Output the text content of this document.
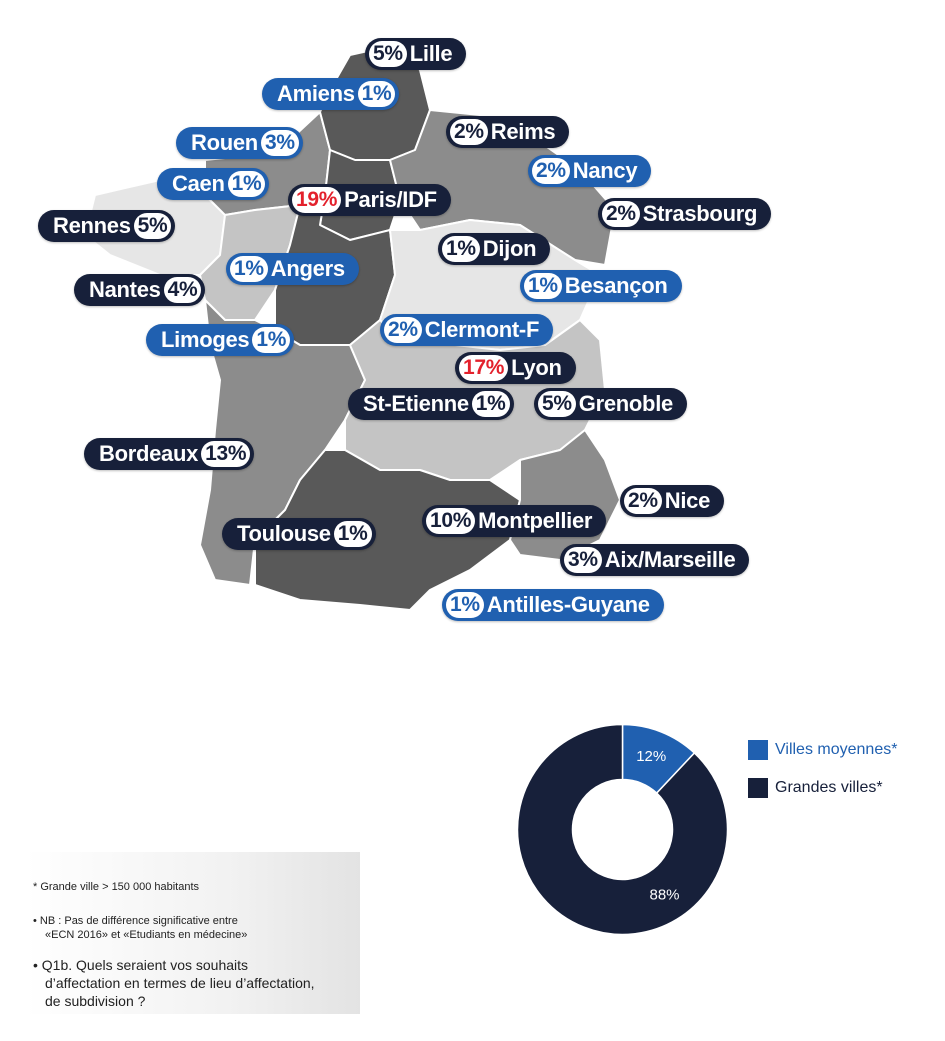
5% Lille
Amiens 1%
Rouen 3%	2% Reims
2% Nancy
Caen 1%
19% Paris/IDF
2% Strasbourg
Rennes 5%
1% Dijon
1% Angers
Nantes 4%	1% Besançon
Limoges 1%	2% Clermont-F
17% Lyon
St-Etienne 1% 5% Grenoble
Bordeaux 13%
2% Nice
Toulouse 1%
10% Montpellier
3% Aix/Marseille
1% Antilles-Guyane
12%
88%
Villes moyennes*
Grandes villes*
* Grande ville > 150 000 habitants
• NB : Pas de différence significative entre
«ECN 2016» et «Etudiants en médecine»
• Q1b. Quels seraient vos souhaits
d’affectation en termes de lieu d’affectation,
de subdivision ?
